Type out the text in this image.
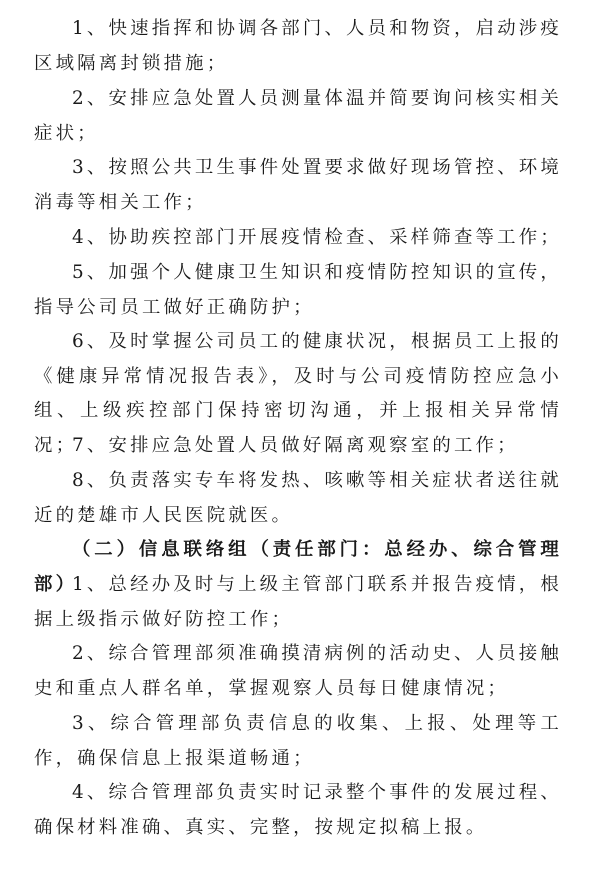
1、快速指挥和协调各部门、人员和物资，启动涉疫区域隔离封锁措施；

2、安排应急处置人员测量体温并简要询问核实相关症状；

3、按照公共卫生事件处置要求做好现场管控、环境消毒等相关工作；

4、协助疾控部门开展疫情检查、采样筛查等工作；

5、加强个人健康卫生知识和疫情防控知识的宣传，指导公司员工做好正确防护；

6、及时掌握公司员工的健康状况，根据员工上报的《健康异常情况报告表》，及时与公司疫情防控应急小组、上级疾控部门保持密切沟通，并上报相关异常情况；

7、安排应急处置人员做好隔离观察室的工作；

8、负责落实专车将发热、咳嗽等相关症状者送往就近的楚雄市人民医院就医。

（二）信息联络组（责任部门：总经办、综合管理部）

1、总经办及时与上级主管部门联系并报告疫情，根据上级指示做好防控工作；

2、综合管理部须准确摸清病例的活动史、人员接触史和重点人群名单，掌握观察人员每日健康情况；

3、综合管理部负责信息的收集、上报、处理等工作，确保信息上报渠道畅通；

4、综合管理部负责实时记录整个事件的发展过程、确保材料准确、真实、完整，按规定拟稿上报。
